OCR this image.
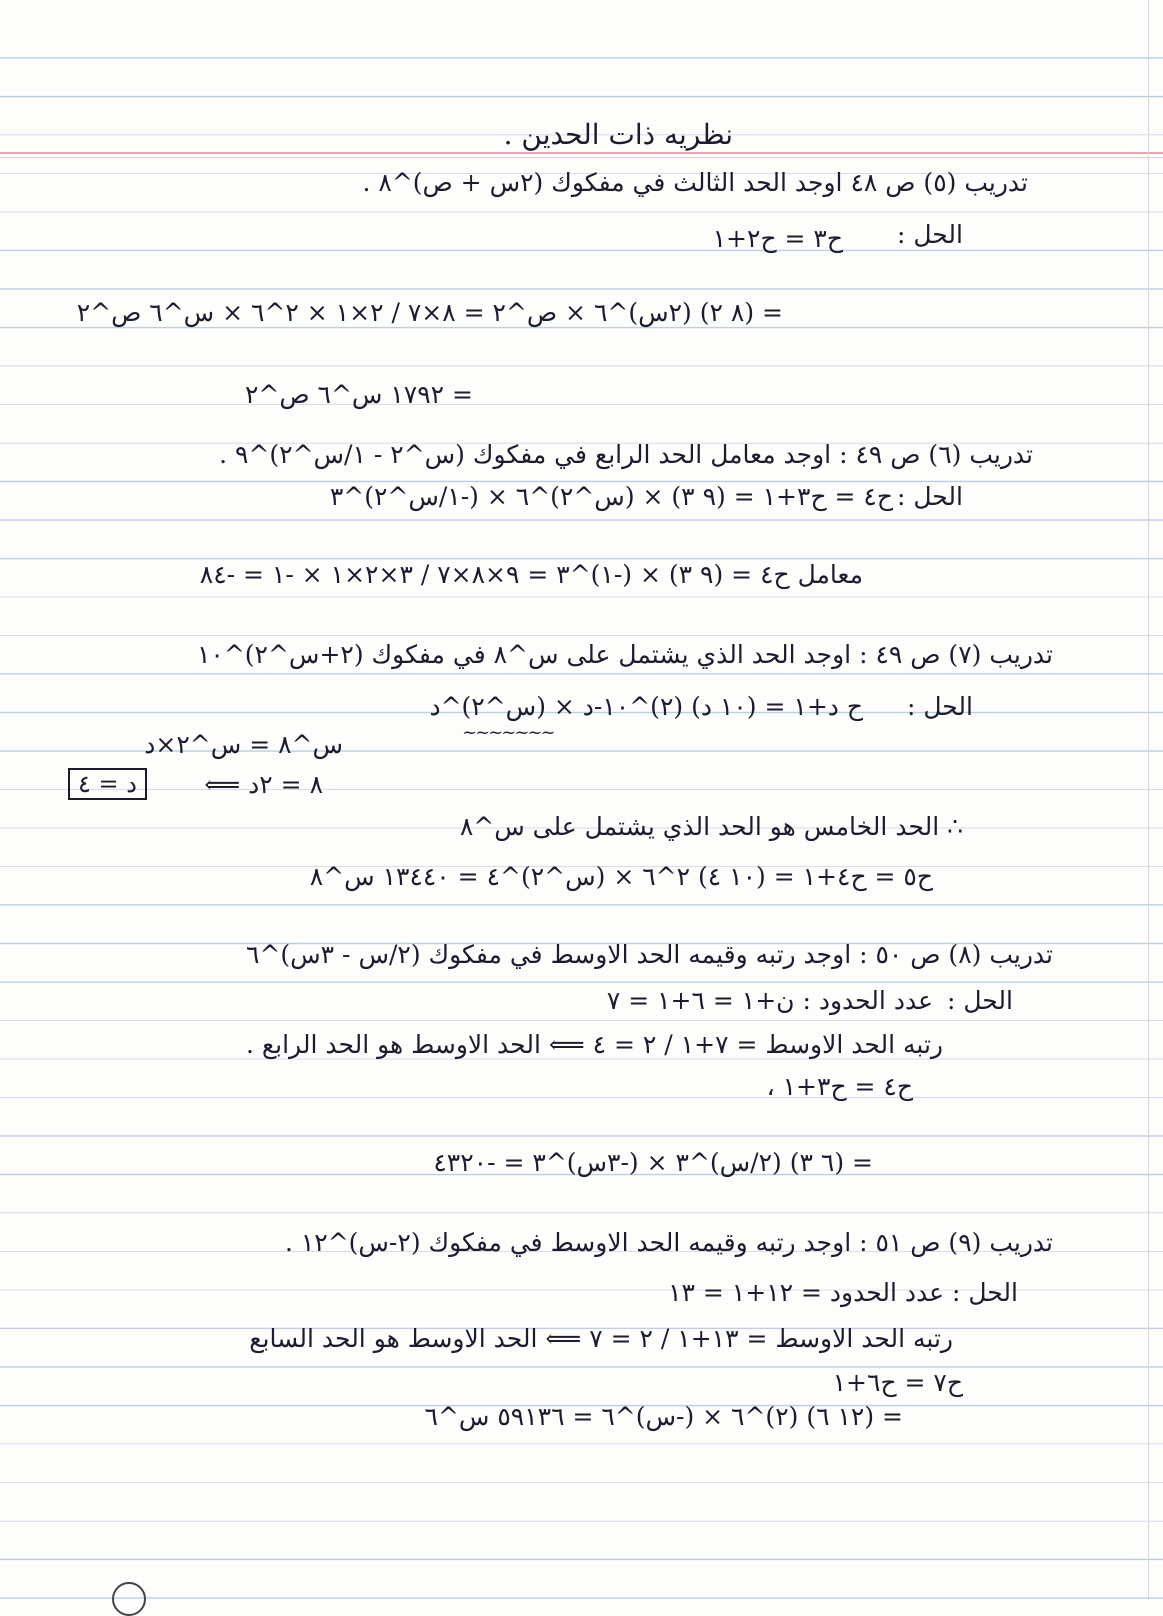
نظريه ذات الحدين .
تدريب (٥) ص ٤٨ اوجد الحد الثالث في مفكوك (٢س + ص)^٨ .
الحل :
ح٣ = ح٢+١
= (٨ ٢) (٢س)^٦ × ص^٢ = ٨×٧ / ٢×١ × ٢^٦ × س^٦ ص^٢
= ١٧٩٢ س^٦ ص^٢
تدريب (٦) ص ٤٩ : اوجد معامل الحد الرابع في مفكوك (س^٢ - ١/س^٢)^٩ .
الحل :
ح٤ = ح٣+١ = (٩ ٣) × (س^٢)^٦ × (-١/س^٢)^٣
معامل ح٤ = (٩ ٣) × (-١)^٣ = ٩×٨×٧ / ٣×٢×١ × -١ = -٨٤
تدريب (٧) ص ٤٩ : اوجد الحد الذي يشتمل على س^٨ في مفكوك (٢+س^٢)^١٠
الحل :
ح د+١ = (١٠ د) (٢)^١٠-د × (س^٢)^د
~~~~~~~
س^٨ = س^٢×د
٨ = ٢د ⟸
د = ٤
∴ الحد الخامس هو الحد الذي يشتمل على س^٨
ح٥ = ح٤+١ = (١٠ ٤) ٢^٦ × (س^٢)^٤ = ١٣٤٤٠ س^٨
تدريب (٨) ص ٥٠ : اوجد رتبه وقيمه الحد الاوسط في مفكوك (٢/س - ٣س)^٦
الحل :
عدد الحدود : ن+١ = ٦+١ = ٧
رتبه الحد الاوسط = ٧+١ / ٢ = ٤ ⟸ الحد الاوسط هو الحد الرابع .
ح٤ = ح٣+١ ،
= (٦ ٣) (٢/س)^٣ × (-٣س)^٣ = -٤٣٢٠
تدريب (٩) ص ٥١ : اوجد رتبه وقيمه الحد الاوسط في مفكوك (٢-س)^١٢ .
الحل : عدد الحدود = ١٢+١ = ١٣
رتبه الحد الاوسط = ١٣+١ / ٢ = ٧ ⟸ الحد الاوسط هو الحد السابع
ح٧ = ح٦+١
= (١٢ ٦) (٢)^٦ × (-س)^٦ = ٥٩١٣٦ س^٦
